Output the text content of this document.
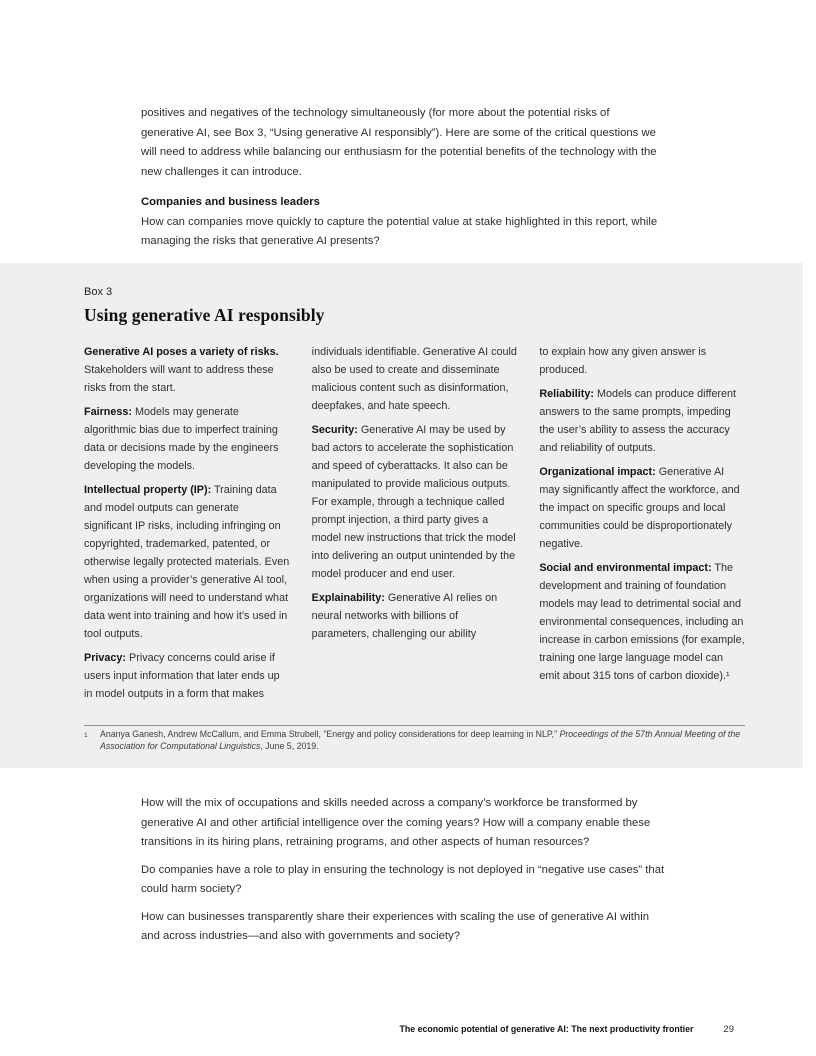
positives and negatives of the technology simultaneously (for more about the potential risks of generative AI, see Box 3, “Using generative AI responsibly”). Here are some of the critical questions we will need to address while balancing our enthusiasm for the potential benefits of the technology with the new challenges it can introduce.

Companies and business leaders

How can companies move quickly to capture the potential value at stake highlighted in this report, while managing the risks that generative AI presents?

Box 3
Using generative AI responsibly

Generative AI poses a variety of risks. Stakeholders will want to address these risks from the start.

Fairness: Models may generate algorithmic bias due to imperfect training data or decisions made by the engineers developing the models.

Intellectual property (IP): Training data and model outputs can generate significant IP risks, including infringing on copyrighted, trademarked, patented, or otherwise legally protected materials. Even when using a provider’s generative AI tool, organizations will need to understand what data went into training and how it’s used in tool outputs.

Privacy: Privacy concerns could arise if users input information that later ends up in model outputs in a form that makes

individuals identifiable. Generative AI could also be used to create and disseminate malicious content such as disinformation, deepfakes, and hate speech.

Security: Generative AI may be used by bad actors to accelerate the sophistication and speed of cyberattacks. It also can be manipulated to provide malicious outputs. For example, through a technique called prompt injection, a third party gives a model new instructions that trick the model into delivering an output unintended by the model producer and end user.

Explainability: Generative AI relies on neural networks with billions of parameters, challenging our ability

to explain how any given answer is produced.

Reliability: Models can produce different answers to the same prompts, impeding the user’s ability to assess the accuracy and reliability of outputs.

Organizational impact: Generative AI may significantly affect the workforce, and the impact on specific groups and local communities could be disproportionately negative.

Social and environmental impact: The development and training of foundation models may lead to detrimental social and environmental consequences, including an increase in carbon emissions (for example, training one large language model can emit about 315 tons of carbon dioxide).¹

1	Ananya Ganesh, Andrew McCallum, and Emma Strubell, “Energy and policy considerations for deep learning in NLP,” Proceedings of the 57th Annual Meeting of the Association for Computational Linguistics, June 5, 2019.

How will the mix of occupations and skills needed across a company’s workforce be transformed by generative AI and other artificial intelligence over the coming years? How will a company enable these transitions in its hiring plans, retraining programs, and other aspects of human resources?

Do companies have a role to play in ensuring the technology is not deployed in “negative use cases” that could harm society?

How can businesses transparently share their experiences with scaling the use of generative AI within and across industries—and also with governments and society?

The economic potential of generative AI: The next productivity frontier	29
